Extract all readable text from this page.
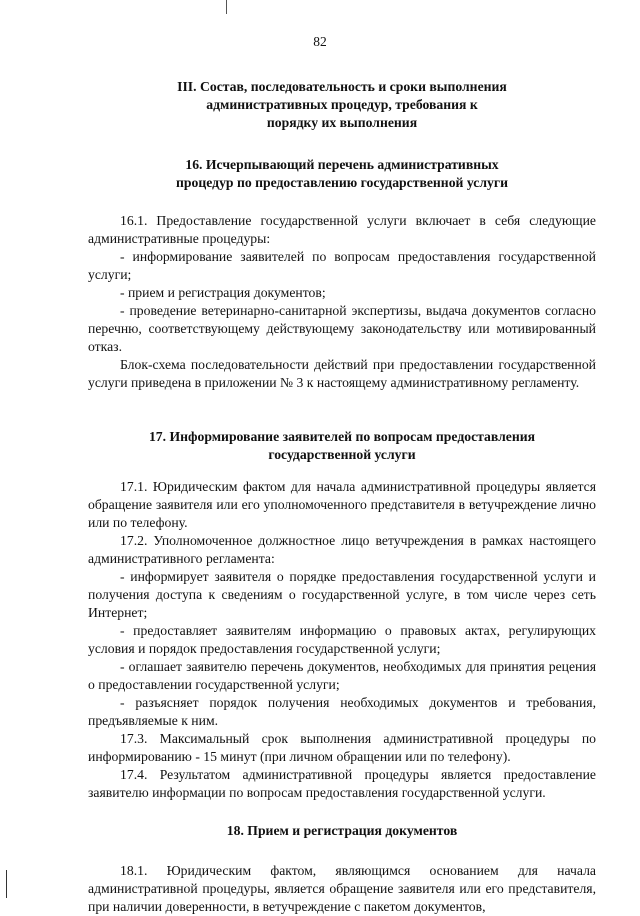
82
III. Состав, последовательность и сроки выполнения
административных процедур, требования к
порядку их выполнения
16. Исчерпывающий перечень административных
процедур по предоставлению государственной услуги

16.1. Предоставление государственной услуги включает в себя следующие административные процедуры:

- информирование заявителей по вопросам предоставления государственной услуги;

- прием и регистрация документов;

- проведение ветеринарно-санитарной экспертизы, выдача документов согласно перечню, соответствующему действующему законодательству или мотивированный отказ.

Блок-схема последовательности действий при предоставлении государственной услуги приведена в приложении № 3 к настоящему административному регламенту.

17. Информирование заявителей по вопросам предоставления
государственной услуги

17.1. Юридическим фактом для начала административной процедуры является обращение заявителя или его уполномоченного представителя в ветучреждение лично или по телефону.

17.2. Уполномоченное должностное лицо ветучреждения в рамках настоящего административного регламента:

- информирует заявителя о порядке предоставления государственной услуги и получения доступа к сведениям о государственной услуге, в том числе через сеть Интернет;

- предоставляет заявителям информацию о правовых актах, регулирующих условия и порядок предоставления государственной услуги;

- оглашает заявителю перечень документов, необходимых для принятия рецения о предоставлении государственной услуги;

- разъясняет порядок получения необходимых документов и требования, предъявляемые к ним.

17.3. Максимальный срок выполнения административной процедуры по информированию - 15 минут (при личном обращении или по телефону).

17.4. Результатом административной процедуры является предоставление заявителю информации по вопросам предоставления государственной услуги.

18. Прием и регистрация документов

18.1. Юридическим фактом, являющимся основанием для начала административной процедуры, является обращение заявителя или его представителя, при наличии доверенности, в ветучреждение с пакетом документов,
